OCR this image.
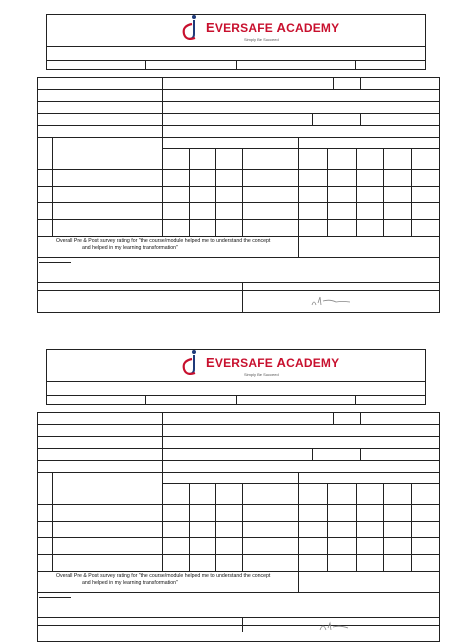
EVERSAFE ACADEMY
Simply Be Succeed
Overall Pre & Post survey rating for "the course/module helped me to understand the concept
and helped in my learning transformation"
EVERSAFE ACADEMY
Simply Be Succeed
Overall Pre & Post survey rating for "the course/module helped me to understand the concept
and helped in my learning transformation"
